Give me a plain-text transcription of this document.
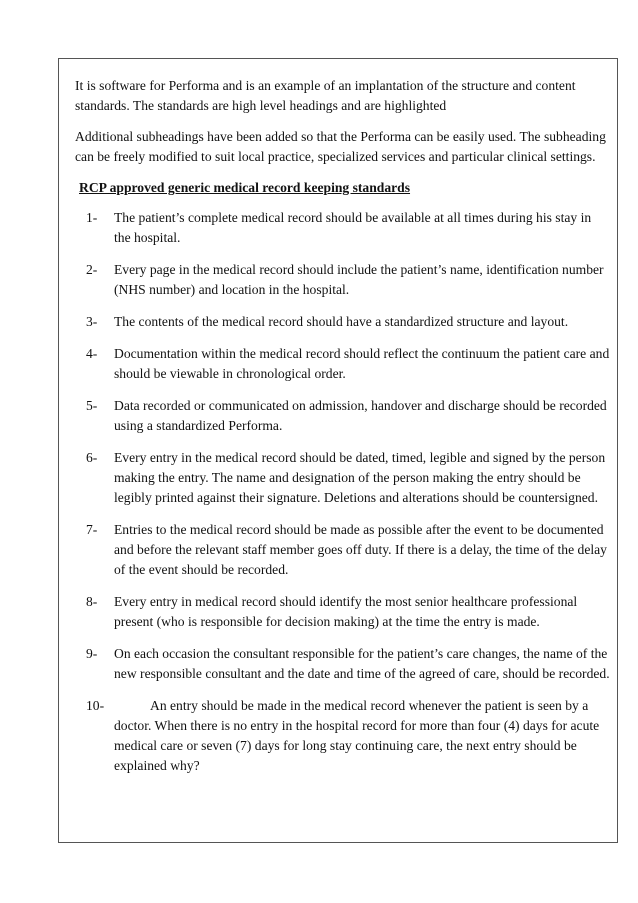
It is software for Performa and is an example of an implantation of the structure and content standards. The standards are high level headings and are highlighted

Additional subheadings have been added so that the Performa can be easily used. The subheading can be freely modified to suit local practice, specialized services and particular clinical settings.

RCP approved generic medical record keeping standards
1- The patient’s complete medical record should be available at all times during his stay in the hospital.
2- Every page in the medical record should include the patient’s name, identification number (NHS number) and location in the hospital.
3- The contents of the medical record should have a standardized structure and layout.
4- Documentation within the medical record should reflect the continuum the patient care and should be viewable in chronological order.
5- Data recorded or communicated on admission, handover and discharge should be recorded using a standardized Performa.
6- Every entry in the medical record should be dated, timed, legible and signed by the person making the entry. The name and designation of the person making the entry should be legibly printed against their signature. Deletions and alterations should be countersigned.
7- Entries to the medical record should be made as possible after the event to be documented and before the relevant staff member goes off duty. If there is a delay, the time of the delay of the event should be recorded.
8- Every entry in medical record should identify the most senior healthcare professional present (who is responsible for decision making) at the time the entry is made.
9- On each occasion the consultant responsible for the patient’s care changes, the name of the new responsible consultant and the date and time of the agreed of care, should be recorded.
10-	An entry should be made in the medical record whenever the patient is seen by a doctor. When there is no entry in the hospital record for more than four (4) days for acute medical care or seven (7) days for long stay continuing care, the next entry should be explained why?
